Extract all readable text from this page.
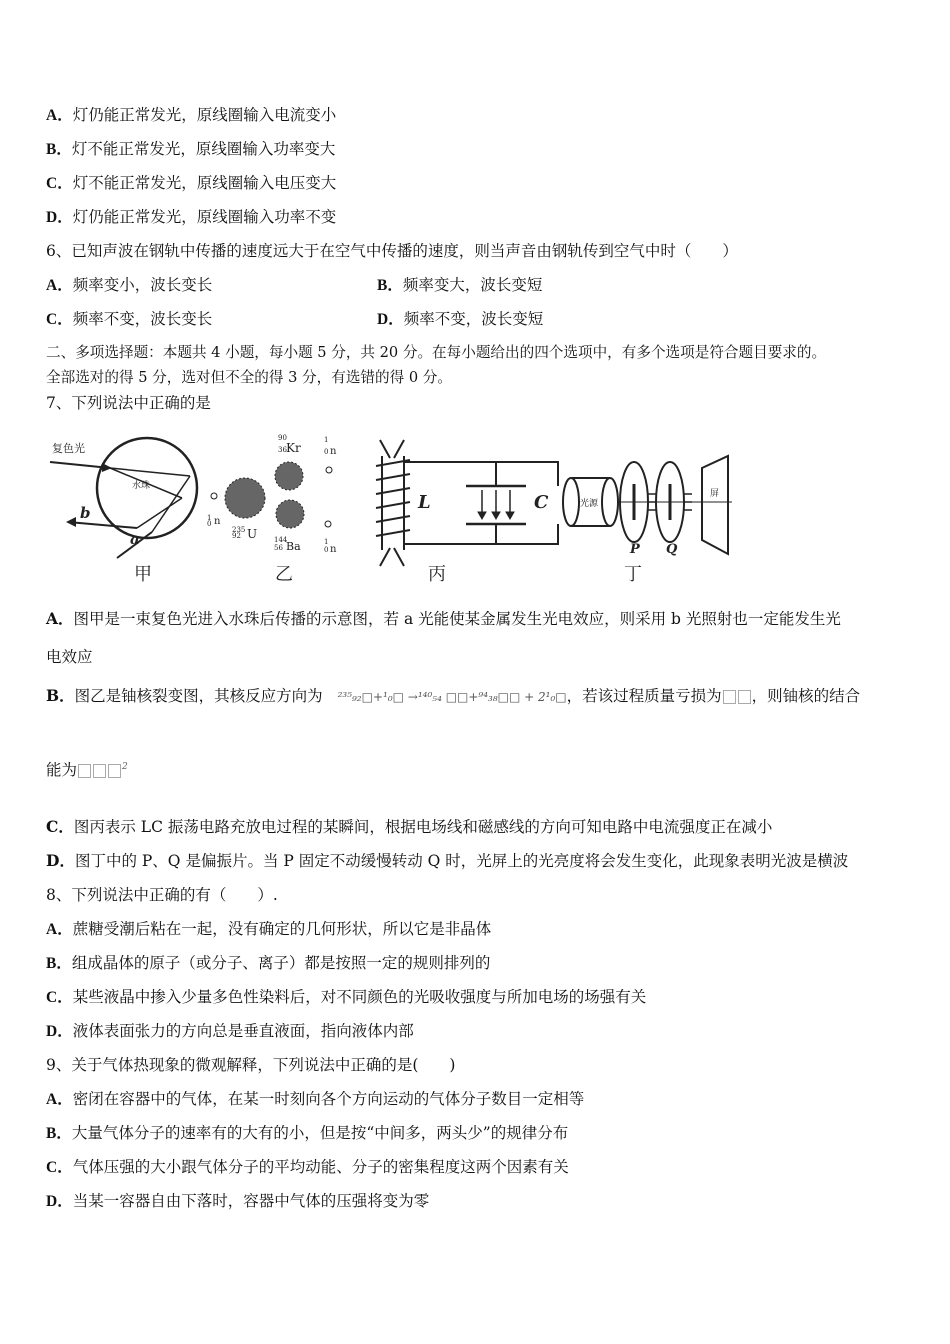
A．灯仍能正常发光，原线圈输入电流变小
B．灯不能正常发光，原线圈输入功率变大
C．灯不能正常发光，原线圈输入电压变大
D．灯仍能正常发光，原线圈输入功率不变
6、已知声波在钢轨中传播的速度远大于在空气中传播的速度，则当声音由钢轨传到空气中时（　　）
A．频率变小，波长变长	B．频率变大，波长变短
C．频率不变，波长变长	D．频率不变，波长变短
二、多项选择题：本题共 4 小题，每小题 5 分，共 20 分。在每小题给出的四个选项中，有多个选项是符合题目要求的。
全部选对的得 5 分，选对但不全的得 3 分，有选错的得 0 分。
7、下列说法中正确的是
复色光
水珠
b
a
甲
1
0 n
235
92 U
90
36 Kr
144
56 Ba
1
0 n
1
0 n
乙
L	C
丙
光源
屏
P Q
丁
A．图甲是一束复色光进入水珠后传播的示意图，若 a 光能使某金属发生光电效应，则采用 b 光照射也一定能发生光
电效应
B．图乙是铀核裂变图，其核反应方向为 ²³⁵₉₂□+¹₀□ →¹⁴⁰₅₄ □□+⁹⁴₃₈□□ + 2¹₀□，若该过程质量亏损为 ，则铀核的结合
能为	$^2$
C．图丙表示 LC 振荡电路充放电过程的某瞬间，根据电场线和磁感线的方向可知电路中电流强度正在减小
D．图丁中的 P、Q 是偏振片。当 P 固定不动缓慢转动 Q 时，光屏上的光亮度将会发生变化，此现象表明光波是横波
8、下列说法中正确的有（　　）.
A．蔗糖受潮后粘在一起，没有确定的几何形状，所以它是非晶体
B．组成晶体的原子（或分子、离子）都是按照一定的规则排列的
C．某些液晶中掺入少量多色性染料后，对不同颜色的光吸收强度与所加电场的场强有关
D．液体表面张力的方向总是垂直液面，指向液体内部
9、关于气体热现象的微观解释，下列说法中正确的是(　　)
A．密闭在容器中的气体，在某一时刻向各个方向运动的气体分子数目一定相等
B．大量气体分子的速率有的大有的小，但是按“中间多，两头少”的规律分布
C．气体压强的大小跟气体分子的平均动能、分子的密集程度这两个因素有关
D．当某一容器自由下落时，容器中气体的压强将变为零
